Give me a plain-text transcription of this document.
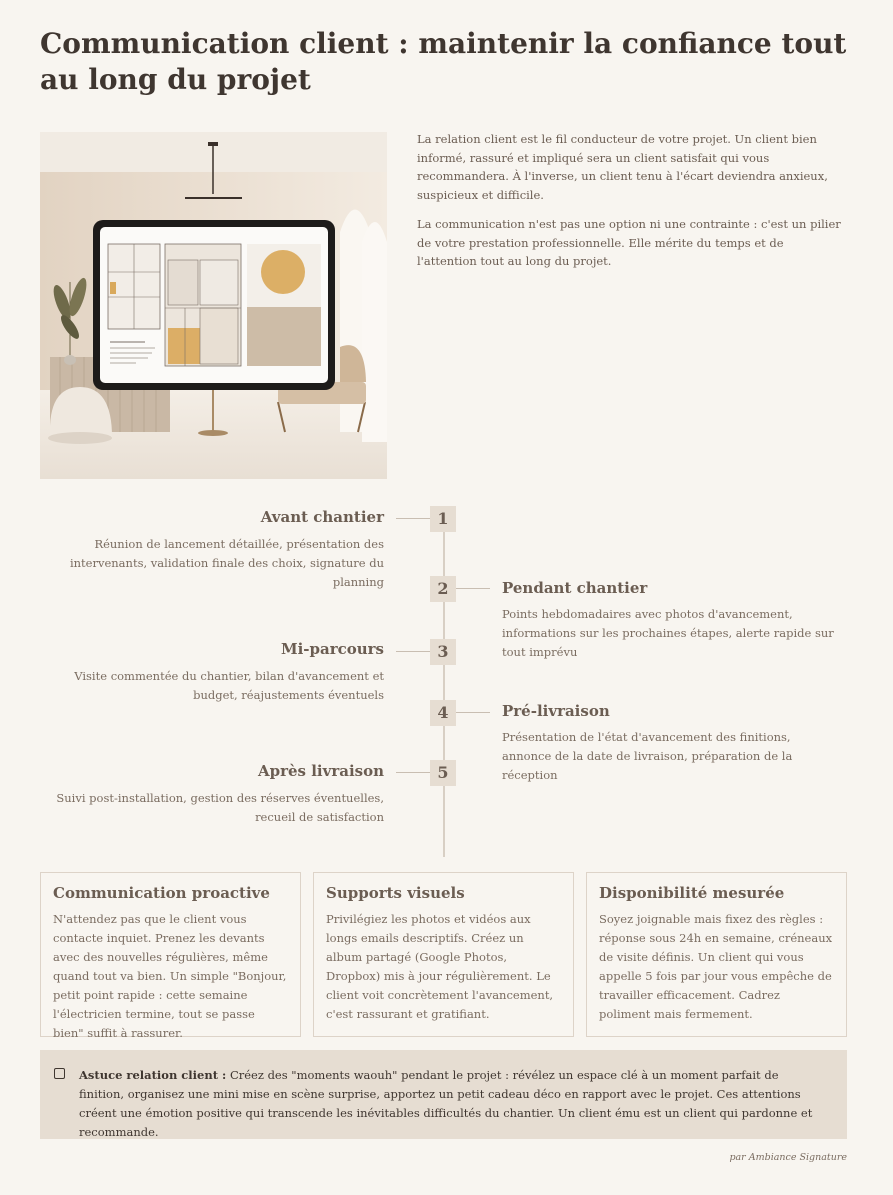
Communication client : maintenir la confiance tout au long du projet

La relation client est le fil conducteur de votre projet. Un client bien informé, rassuré et impliqué sera un client satisfait qui vous recommandera. À l'inverse, un client tenu à l'écart deviendra anxieux, suspicieux et difficile.

La communication n'est pas une option ni une contrainte : c'est un pilier de votre prestation professionnelle. Elle mérite du temps et de l'attention tout au long du projet.

Avant chantier	1
Réunion de lancement détaillée, présentation des intervenants, validation finale des choix, signature du planning	2	Pendant chantier
Points hebdomadaires avec photos d'avancement, informations sur les prochaines étapes, alerte rapide sur tout imprévu
Mi-parcours	3
Visite commentée du chantier, bilan d'avancement et budget, réajustements éventuels
4	Pré-livraison
Présentation de l'état d'avancement des finitions, annonce de la date de livraison, préparation de la réception
Après livraison	5
Suivi post-installation, gestion des réserves éventuelles, recueil de satisfaction
Communication proactive

N'attendez pas que le client vous contacte inquiet. Prenez les devants avec des nouvelles régulières, même quand tout va bien. Un simple "Bonjour, petit point rapide : cette semaine l'électricien termine, tout se passe bien" suffit à rassurer.

Supports visuels

Privilégiez les photos et vidéos aux longs emails descriptifs. Créez un album partagé (Google Photos, Dropbox) mis à jour régulièrement. Le client voit concrètement l'avancement, c'est rassurant et gratifiant.

Disponibilité mesurée

Soyez joignable mais fixez des règles : réponse sous 24h en semaine, créneaux de visite définis. Un client qui vous appelle 5 fois par jour vous empêche de travailler efficacement. Cadrez poliment mais fermement.

Astuce relation client : Créez des "moments waouh" pendant le projet : révélez un espace clé à un moment parfait de finition, organisez une mini mise en scène surprise, apportez un petit cadeau déco en rapport avec le projet. Ces attentions créent une émotion positive qui transcende les inévitables difficultés du chantier. Un client ému est un client qui pardonne et recommande.

par Ambiance Signature
